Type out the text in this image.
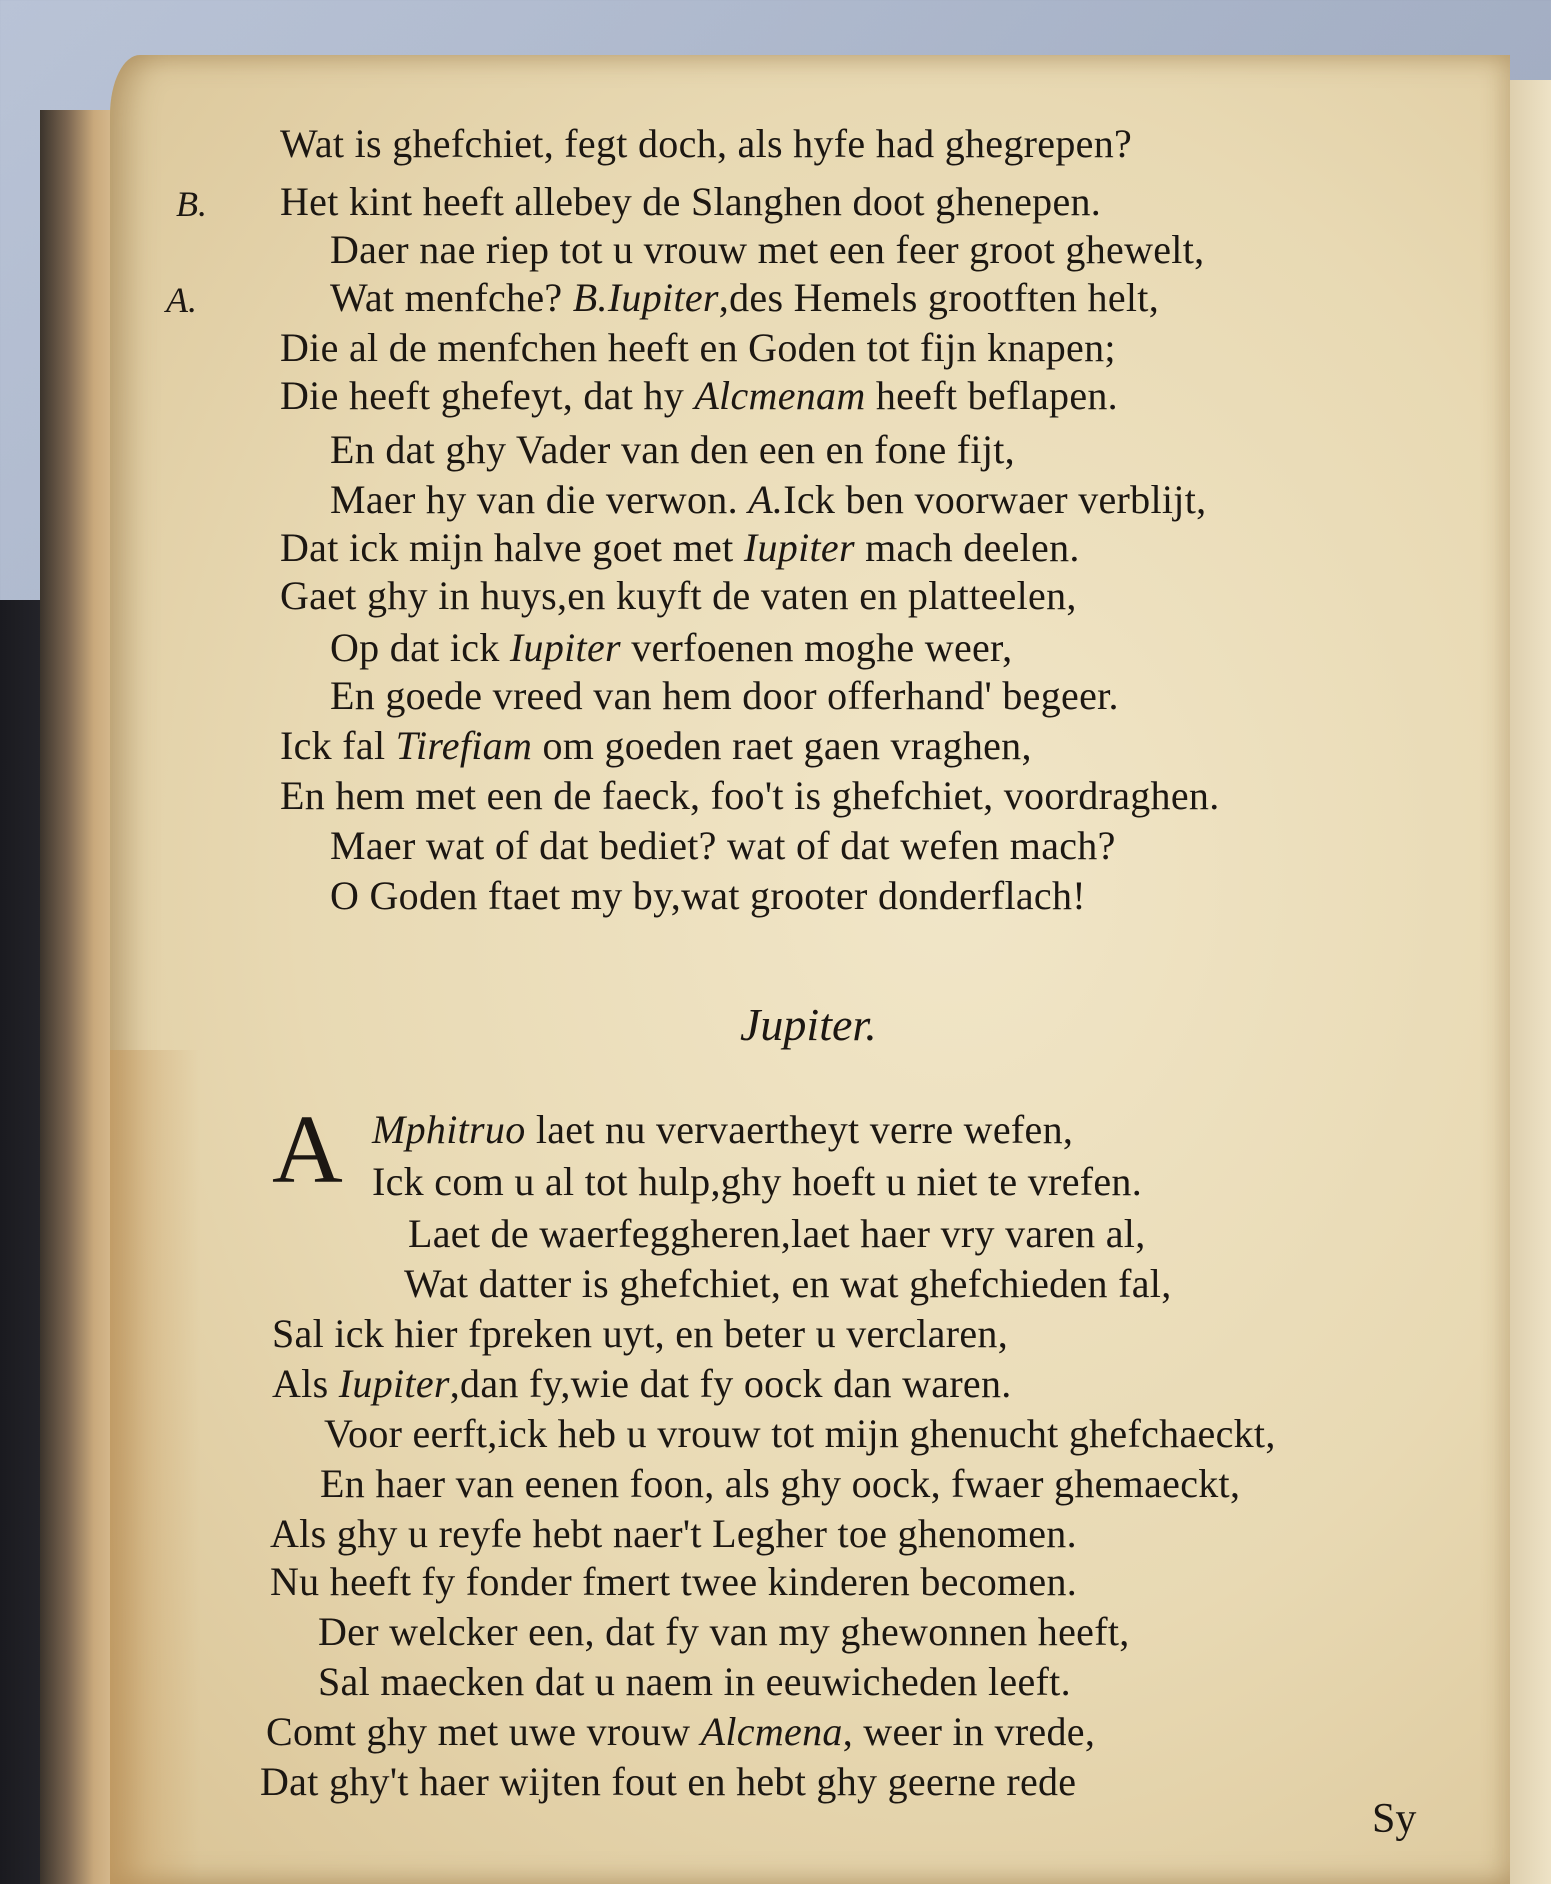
B.
A.
Wat is ghefchiet, fegt doch, als hyfe had ghegrepen?
Het kint heeft allebey de Slanghen doot ghenepen.
Daer nae riep tot u vrouw met een feer groot ghewelt,
Wat menfche? B.Iupiter,des Hemels grootften helt,
Die al de menfchen heeft en Goden tot fijn knapen;
Die heeft ghefeyt, dat hy Alcmenam heeft beflapen.
En dat ghy Vader van den een en fone fijt,
Maer hy van die verwon. A.Ick ben voorwaer verblijt,
Dat ick mijn halve goet met Iupiter mach deelen.
Gaet ghy in huys,en kuyft de vaten en platteelen,
Op dat ick Iupiter verfoenen moghe weer,
En goede vreed van hem door offerhand' begeer.
Ick fal Tirefiam om goeden raet gaen vraghen,
En hem met een de faeck, foo't is ghefchiet, voordraghen.
Maer wat of dat bediet? wat of dat wefen mach?
O Goden ftaet my by,wat grooter donderflach!
Jupiter.
A Mphitruo laet nu vervaertheyt verre wefen,
Ick com u al tot hulp,ghy hoeft u niet te vrefen.
Laet de waerfeggheren,laet haer vry varen al,
Wat datter is ghefchiet, en wat ghefchieden fal,
Sal ick hier fpreken uyt, en beter u verclaren,
Als Iupiter,dan fy,wie dat fy oock dan waren.
Voor eerft,ick heb u vrouw tot mijn ghenucht ghefchaeckt,
En haer van eenen foon, als ghy oock, fwaer ghemaeckt,
Als ghy u reyfe hebt naer't Legher toe ghenomen.
Nu heeft fy fonder fmert twee kinderen becomen.
Der welcker een, dat fy van my ghewonnen heeft,
Sal maecken dat u naem in eeuwicheden leeft.
Comt ghy met uwe vrouw Alcmena, weer in vrede,
Dat ghy't haer wijten fout en hebt ghy geerne rede
Sy
